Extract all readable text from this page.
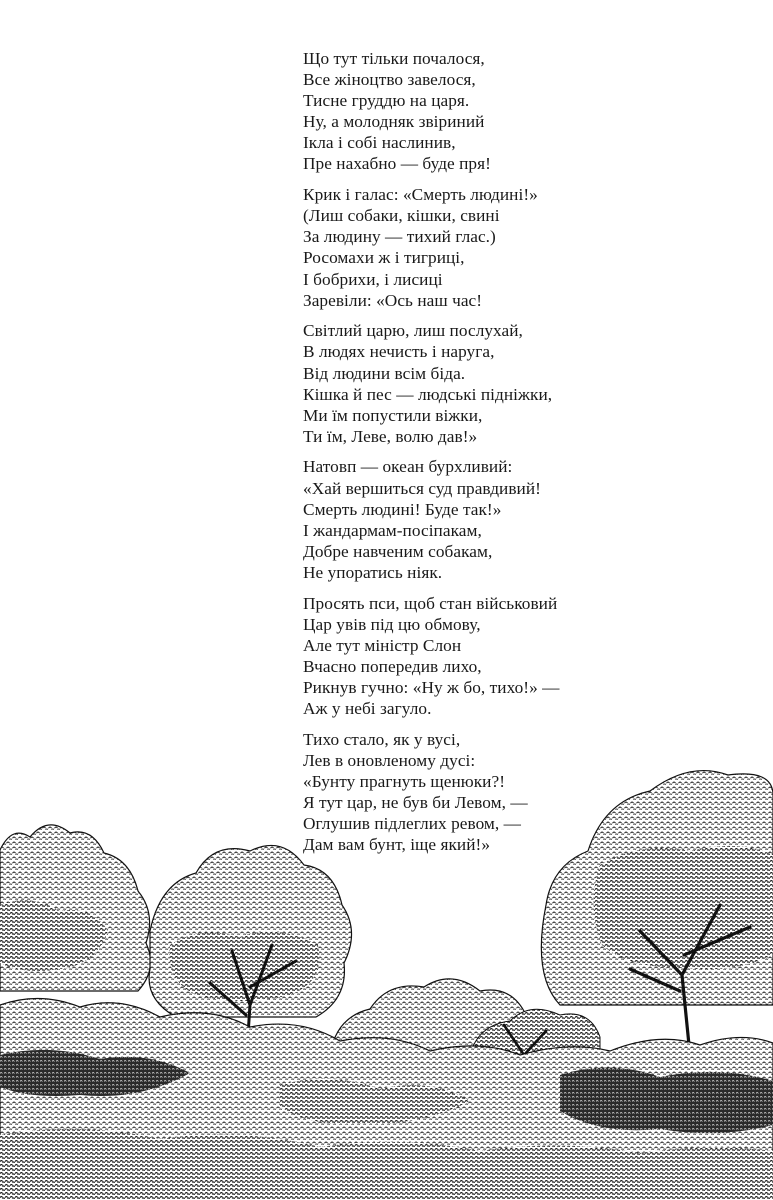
Що тут тільки почалося,
Все жіноцтво завелося,
Тисне груддю на царя.
Ну, а молодняк звіриний
Ікла і собі наслинив,
Пре нахабно — буде пря!

Крик і галас: «Смерть людині!»
(Лиш собаки, кішки, свині
За людину — тихий глас.)
Росомахи ж і тигриці,
І бобрихи, і лисиці
Заревіли: «Ось наш час!

Світлий царю, лиш послухай,
В людях нечисть і наруга,
Від людини всім біда.
Кішка й пес — людські підніжки,
Ми їм попустили віжки,
Ти їм, Леве, волю дав!»

Натовп — океан бурхливий:
«Хай вершиться суд правдивий!
Смерть людині! Буде так!»
І жандармам-посіпакам,
Добре навченим собакам,
Не упоратись ніяк.

Просять пси, щоб стан військовий
Цар увів під цю обмову,
Але тут міністр Слон
Вчасно попередив лихо,
Рикнув гучно: «Ну ж бо, тихо!» —
Аж у небі загуло.

Тихо стало, як у вусі,
Лев в оновленому дусі:
«Бунту прагнуть щенюки?!
Я тут цар, не був би Левом, —
Оглушив підлеглих ревом, —
Дам вам бунт, іще який!»
